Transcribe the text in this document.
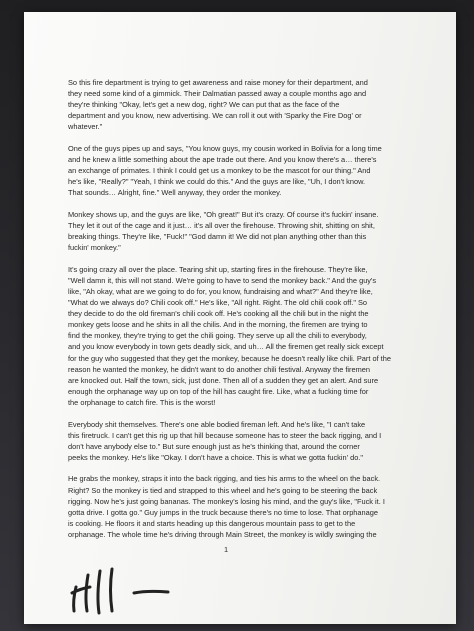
So this fire department is trying to get awareness and raise money for their department, and
they need some kind of a gimmick. Their Dalmatian passed away a couple months ago and
they're thinking "Okay, let's get a new dog, right? We can put that as the face of the
department and you know, new advertising. We can roll it out with 'Sparky the Fire Dog' or
whatever."

One of the guys pipes up and says, "You know guys, my cousin worked in Bolivia for a long time
and he knew a little something about the ape trade out there. And you know there's a… there's
an exchange of primates. I think I could get us a monkey to be the mascot for our thing." And
he's like, "Really?" "Yeah, I think we could do this." And the guys are like, "Uh, I don't know.
That sounds… Alright, fine." Well anyway, they order the monkey.

Monkey shows up, and the guys are like, "Oh great!" But it's crazy. Of course it's fuckin' insane.
They let it out of the cage and it just… it's all over the firehouse. Throwing shit, shitting on shit,
breaking things. They're like, "Fuck!" "God damn it! We did not plan anything other than this
fuckin' monkey."

It's going crazy all over the place. Tearing shit up, starting fires in the firehouse. They're like,
"Well damn it, this will not stand. We're going to have to send the monkey back." And the guy's
like, "Ah okay, what are we going to do for, you know, fundraising and what?" And they're like,
"What do we always do? Chili cook off." He's like, "All right. Right. The old chili cook off." So
they decide to do the old fireman's chili cook off. He's cooking all the chili but in the night the
monkey gets loose and he shits in all the chilis. And in the morning, the firemen are trying to
find the monkey, they're trying to get the chili going. They serve up all the chili to everybody,
and you know everybody in town gets deadly sick, and uh… All the firemen get really sick except
for the guy who suggested that they get the monkey, because he doesn't really like chili. Part of the
reason he wanted the monkey, he didn't want to do another chili festival. Anyway the firemen
are knocked out. Half the town, sick, just done. Then all of a sudden they get an alert. And sure
enough the orphanage way up on top of the hill has caught fire. Like, what a fucking time for
the orphanage to catch fire. This is the worst!

Everybody shit themselves. There's one able bodied fireman left. And he's like, "I can't take
this firetruck. I can't get this rig up that hill because someone has to steer the back rigging, and I
don't have anybody else to." But sure enough just as he's thinking that, around the corner
peeks the monkey. He's like "Okay. I don't have a choice. This is what we gotta fuckin' do."

He grabs the monkey, straps it into the back rigging, and ties his arms to the wheel on the back.
Right? So the monkey is tied and strapped to this wheel and he's going to be steering the back
rigging. Now he's just going bananas. The monkey's losing his mind, and the guy's like, "Fuck it. I
gotta drive. I gotta go." Guy jumps in the truck because there's no time to lose. That orphanage
is cooking. He floors it and starts heading up this dangerous mountain pass to get to the
orphanage. The whole time he's driving through Main Street, the monkey is wildly swinging the

1
